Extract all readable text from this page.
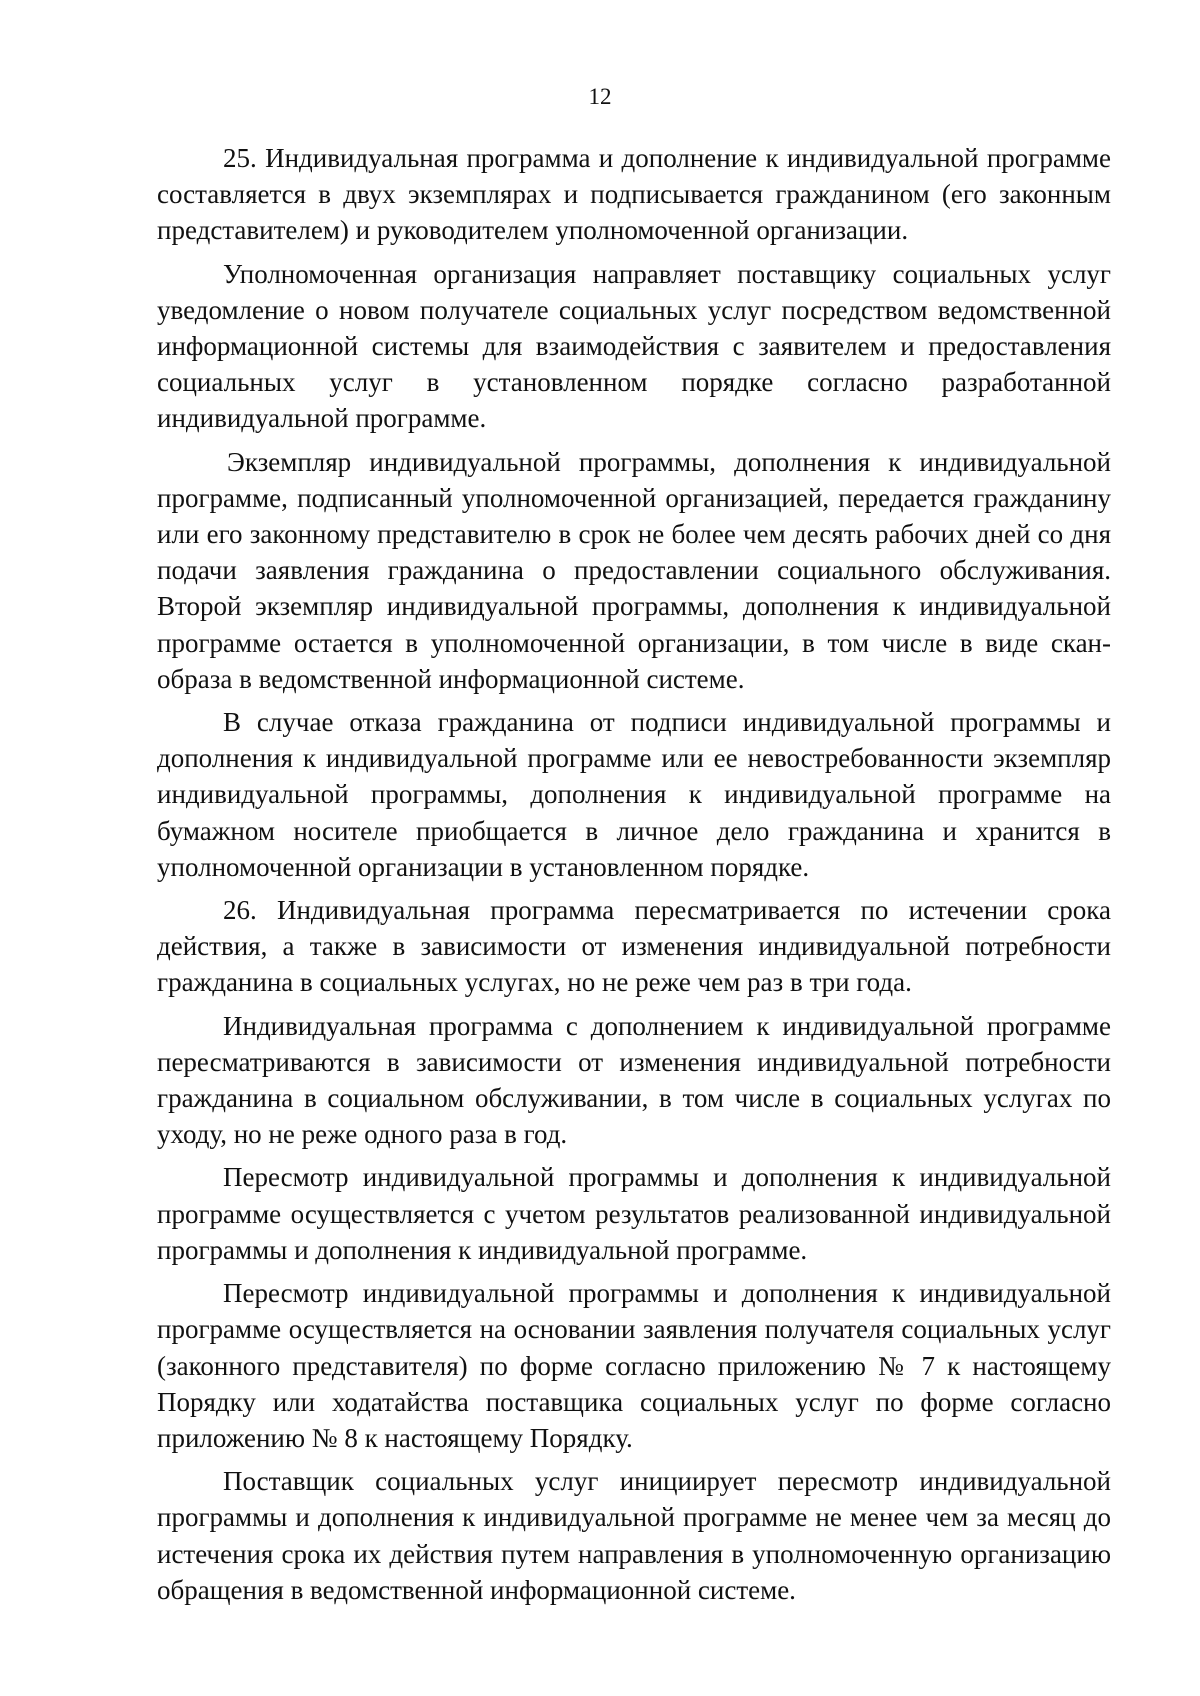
12

25. Индивидуальная программа и дополнение к индивидуальной программе составляется в двух экземплярах и подписывается гражданином (его законным представителем) и руководителем уполномоченной организации.

Уполномоченная организация направляет поставщику социальных услуг уведомление о новом получателе социальных услуг посредством ведомственной информационной системы для взаимодействия с заявителем и предоставления социальных услуг в установленном порядке согласно разработанной индивидуальной программе.

Экземпляр индивидуальной программы, дополнения к индивидуальной программе, подписанный уполномоченной организацией, передается гражданину или его законному представителю в срок не более чем десять рабочих дней со дня подачи заявления гражданина о предоставлении социального обслуживания. Второй экземпляр индивидуальной программы, дополнения к индивидуальной программе остается в уполномоченной организации, в том числе в виде скан-образа в ведомственной информационной системе.

В случае отказа гражданина от подписи индивидуальной программы и дополнения к индивидуальной программе или ее невостребованности экземпляр индивидуальной программы, дополнения к индивидуальной программе на бумажном носителе приобщается в личное дело гражданина и хранится в уполномоченной организации в установленном порядке.

26. Индивидуальная программа пересматривается по истечении срока действия, а также в зависимости от изменения индивидуальной потребности гражданина в социальных услугах, но не реже чем раз в три года.

Индивидуальная программа с дополнением к индивидуальной программе пересматриваются в зависимости от изменения индивидуальной потребности гражданина в социальном обслуживании, в том числе в социальных услугах по уходу, но не реже одного раза в год.

Пересмотр индивидуальной программы и дополнения к индивидуальной программе осуществляется с учетом результатов реализованной индивидуальной программы и дополнения к индивидуальной программе.

Пересмотр индивидуальной программы и дополнения к индивидуальной программе осуществляется на основании заявления получателя социальных услуг (законного представителя) по форме согласно приложению № 7 к настоящему Порядку или ходатайства поставщика социальных услуг по форме согласно приложению № 8 к настоящему Порядку.

Поставщик социальных услуг инициирует пересмотр индивидуальной программы и дополнения к индивидуальной программе не менее чем за месяц до истечения срока их действия путем направления в уполномоченную организацию обращения в ведомственной информационной системе.
